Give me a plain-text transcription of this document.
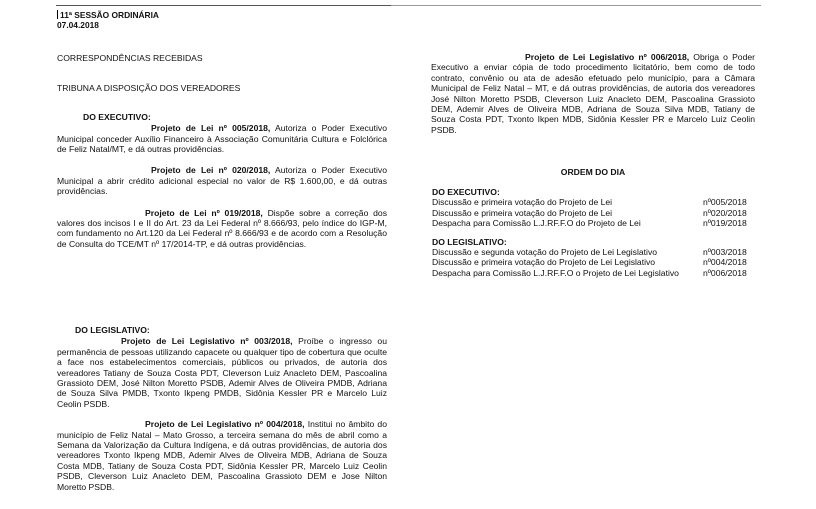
11ª SESSÃO ORDINÁRIA
07.04.2018
CORRESPONDÊNCIAS RECEBIDAS
TRIBUNA A DISPOSIÇÃO DOS VEREADORES
DO EXECUTIVO:
Projeto de Lei nº 005/2018, Autoriza o Poder Executivo Municipal conceder Auxílio Financeiro à Associação Comunitária Cultura e Folclórica de Feliz Natal/MT, e dá outras providências.
Projeto de Lei nº 020/2018, Autoriza o Poder Executivo Municipal a abrir crédito adicional especial no valor de R$ 1.600,00, e dá outras providências.
Projeto de Lei nº 019/2018, Dispõe sobre a correção dos valores dos incisos I e II do Art. 23 da Lei Federal nº 8.666/93, pelo índice do IGP-M, com fundamento no Art.120 da Lei Federal nº 8.666/93 e de acordo com a Resolução de Consulta do TCE/MT nº 17/2014-TP, e dá outras providências.
DO LEGISLATIVO:
Projeto de Lei Legislativo nº 003/2018, Proíbe o ingresso ou permanência de pessoas utilizando capacete ou qualquer tipo de cobertura que oculte a face nos estabelecimentos comerciais, públicos ou privados, de autoria dos vereadores Tatiany de Souza Costa PDT, Cleverson Luiz Anacleto DEM, Pascoalina Grassioto DEM, José Nilton Moretto PSDB, Ademir Alves de Oliveira PMDB, Adriana de Souza Silva PMDB, Txonto Ikpeng PMDB, Sidônia Kessler PR e Marcelo Luiz Ceolin PSDB.
Projeto de Lei Legislativo nº 004/2018, Institui no âmbito do município de Feliz Natal – Mato Grosso, a terceira semana do mês de abril como a Semana da Valorização da Cultura Indígena, e dá outras providências, de autoria dos vereadores Txonto Ikpeng MDB, Ademir Alves de Oliveira MDB, Adriana de Souza Costa MDB, Tatiany de Souza Costa PDT, Sidônia Kessler PR, Marcelo Luiz Ceolin PSDB, Cleverson Luiz Anacleto DEM, Pascoalina Grassioto DEM e Jose Nilton Moretto PSDB.
Projeto de Lei Legislativo nº 006/2018, Obriga o Poder Executivo a enviar cópia de todo procedimento licitatório, bem como de todo contrato, convênio ou ata de adesão efetuado pelo município, para a Câmara Municipal de Feliz Natal – MT, e dá outras providências, de autoria dos vereadores José Nilton Moretto PSDB, Cleverson Luiz Anacleto DEM, Pascoalina Grassioto DEM, Ademir Alves de Oliveira MDB, Adriana de Souza Silva MDB, Tatiany de Souza Costa PDT, Txonto Ikpen MDB, Sidônia Kessler PR e Marcelo Luiz Ceolin PSDB.
ORDEM DO DIA
DO EXECUTIVO:
Discussão e primeira votação do Projeto de Lei	nº005/2018
Discussão e primeira votação do Projeto de Lei	nº020/2018
Despacha para Comissão L.J.RF.F.O do Projeto de Lei	nº019/2018
DO LEGISLATIVO:
Discussão e segunda votação do Projeto de Lei Legislativo	nº003/2018
Discussão e primeira votação do Projeto de Lei Legislativo	nº004/2018
Despacha para Comissão L.J.RF.F.O o Projeto de Lei Legislativo	nº006/2018
